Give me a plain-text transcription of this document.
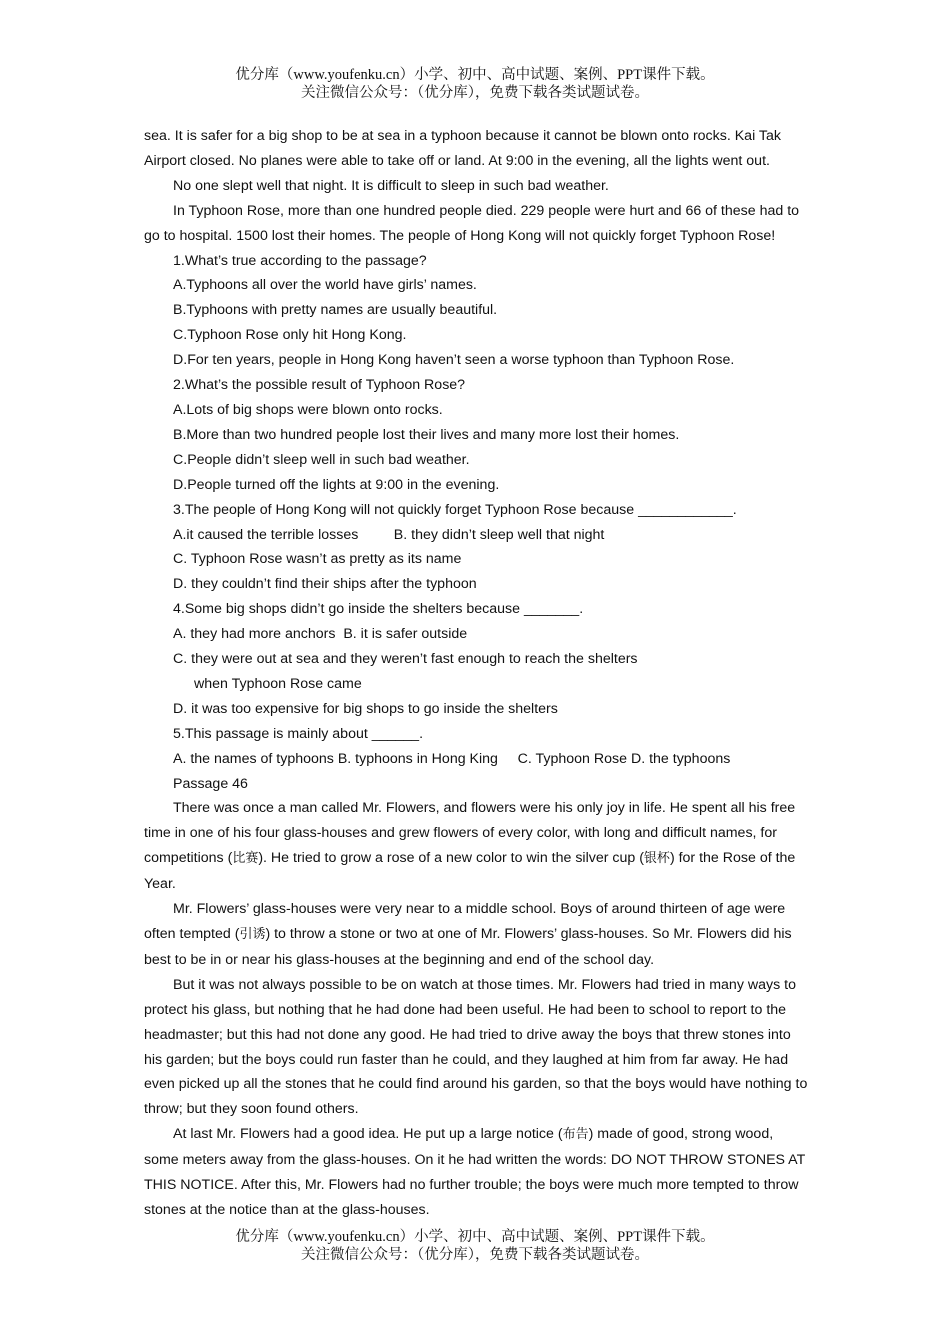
优分库（www.youfenku.cn）小学、初中、高中试题、案例、PPT课件下载。
关注微信公众号：（优分库），免费下载各类试题试卷。

sea. It is safer for a big shop to be at sea in a typhoon because it cannot be blown onto rocks. Kai Tak Airport closed. No planes were able to take off or land. At 9:00 in the evening, all the lights went out.

No one slept well that night. It is difficult to sleep in such bad weather.

In Typhoon Rose, more than one hundred people died. 229 people were hurt and 66 of these had to go to hospital. 1500 lost their homes. The people of Hong Kong will not quickly forget Typhoon Rose!

1.What’s true according to the passage?

A.Typhoons all over the world have girls’ names.

B.Typhoons with pretty names are usually beautiful.

C.Typhoon Rose only hit Hong Kong.

D.For ten years, people in Hong Kong haven’t seen a worse typhoon than Typhoon Rose.

2.What’s the possible result of Typhoon Rose?

A.Lots of big shops were blown onto rocks.

B.More than two hundred people lost their lives and many more lost their homes.

C.People didn’t sleep well in such bad weather.

D.People turned off the lights at 9:00 in the evening.

3.The people of Hong Kong will not quickly forget Typhoon Rose because ____________.

A.it caused the terrible losses         B. they didn’t sleep well that night

C. Typhoon Rose wasn’t as pretty as its name

D. they couldn’t find their ships after the typhoon

4.Some big shops didn’t go inside the shelters because _______.

A. they had more anchors  B. it is safer outside

C. they were out at sea and they weren’t fast enough to reach the shelters

when Typhoon Rose came

D. it was too expensive for big shops to go inside the shelters

5.This passage is mainly about ______.

A. the names of typhoons B. typhoons in Hong King     C. Typhoon Rose D. the typhoons

Passage 46

There was once a man called Mr. Flowers, and flowers were his only joy in life. He spent all his free time in one of his four glass-houses and grew flowers of every color, with long and difficult names, for competitions (比赛). He tried to grow a rose of a new color to win the silver cup (银杯) for the Rose of the Year.

Mr. Flowers’ glass-houses were very near to a middle school. Boys of around thirteen of age were often tempted (引诱) to throw a stone or two at one of Mr. Flowers’ glass-houses. So Mr. Flowers did his best to be in or near his glass-houses at the beginning and end of the school day.

But it was not always possible to be on watch at those times. Mr. Flowers had tried in many ways to protect his glass, but nothing that he had done had been useful. He had been to school to report to the headmaster; but this had not done any good. He had tried to drive away the boys that threw stones into his garden; but the boys could run faster than he could, and they laughed at him from far away. He had even picked up all the stones that he could find around his garden, so that the boys would have nothing to throw; but they soon found others.

At last Mr. Flowers had a good idea. He put up a large notice (布告) made of good, strong wood, some meters away from the glass-houses. On it he had written the words: DO NOT THROW STONES AT THIS NOTICE. After this, Mr. Flowers had no further trouble; the boys were much more tempted to throw stones at the notice than at the glass-houses.

优分库（www.youfenku.cn）小学、初中、高中试题、案例、PPT课件下载。
关注微信公众号：（优分库），免费下载各类试题试卷。
